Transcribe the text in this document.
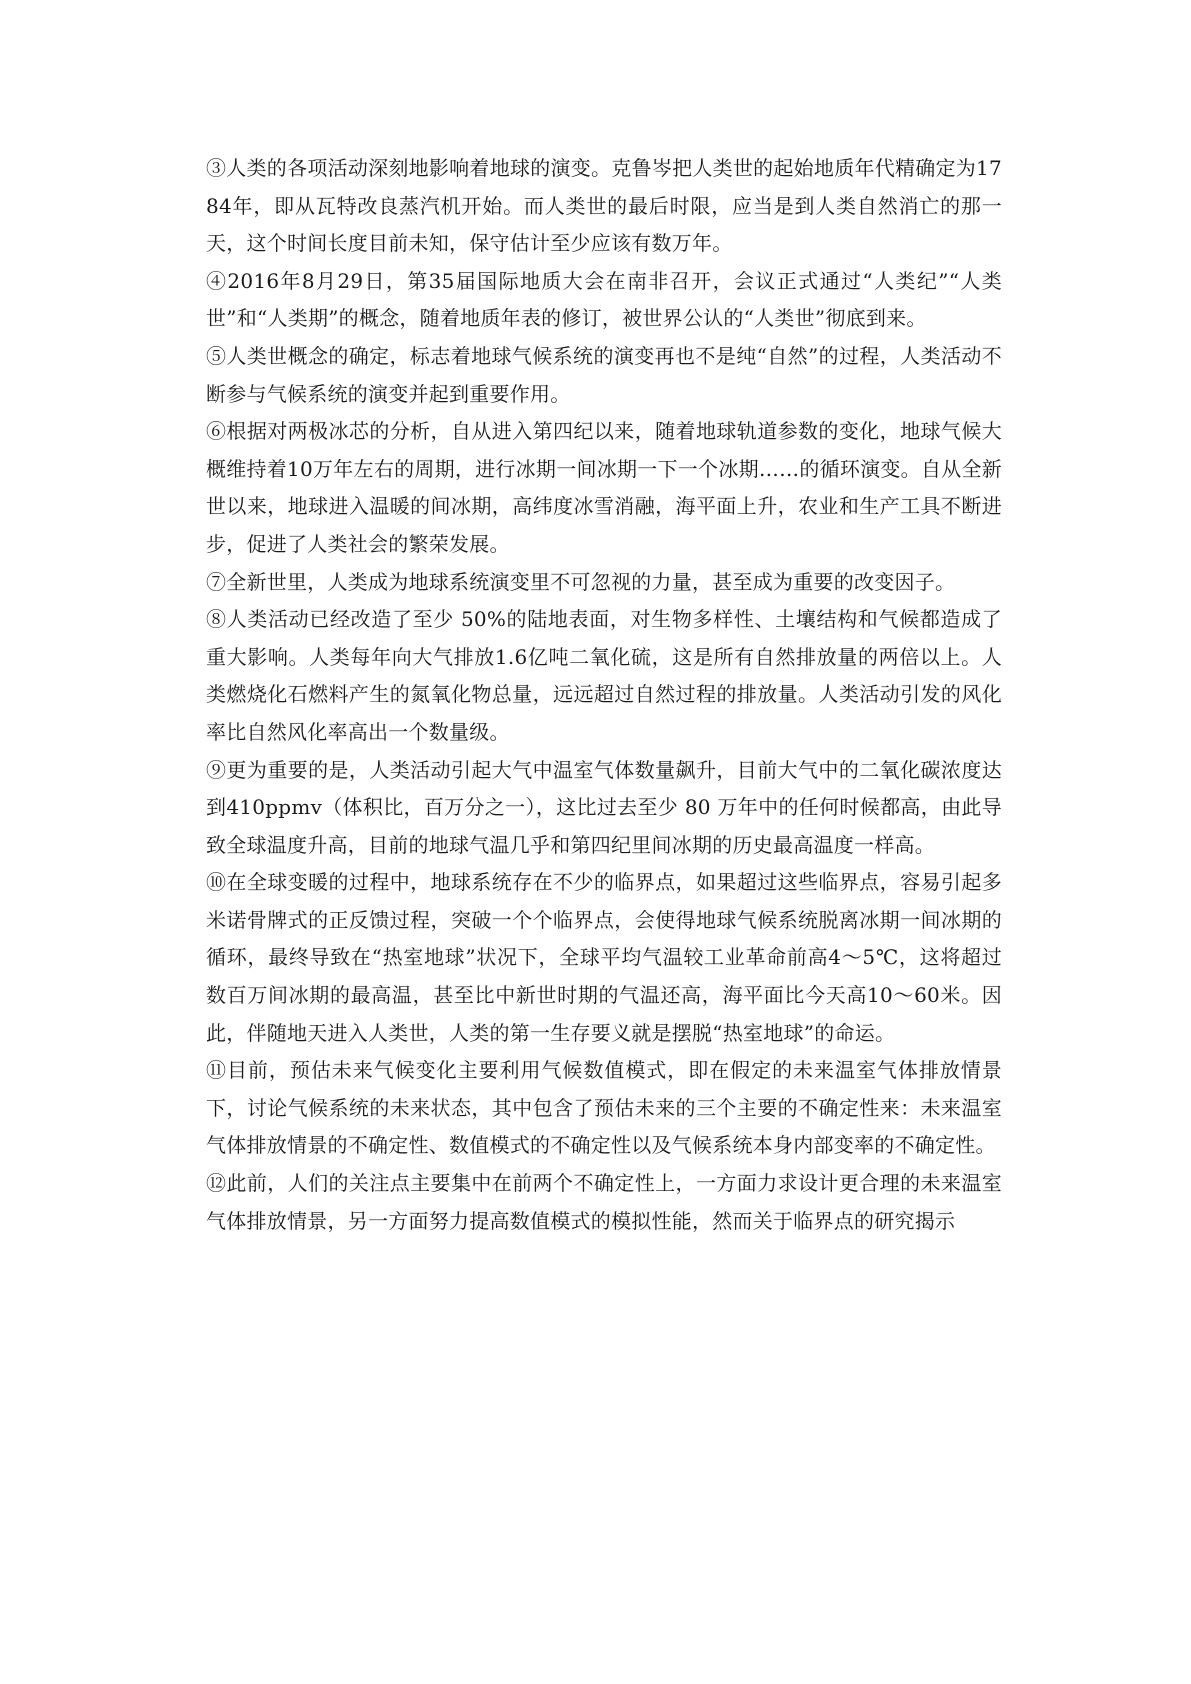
③人类的各项活动深刻地影响着地球的演变。克鲁岑把人类世的起始地质年代精确定为1784年，即从瓦特改良蒸汽机开始。而人类世的最后时限，应当是到人类自然消亡的那一天，这个时间长度目前未知，保守估计至少应该有数万年。

④2016年8月29日，第35届国际地质大会在南非召开，会议正式通过“人类纪”“人类世”和“人类期”的概念，随着地质年表的修订，被世界公认的“人类世”彻底到来。

⑤人类世概念的确定，标志着地球气候系统的演变再也不是纯“自然”的过程，人类活动不断参与气候系统的演变并起到重要作用。

⑥根据对两极冰芯的分析，自从进入第四纪以来，随着地球轨道参数的变化，地球气候大概维持着10万年左右的周期，进行冰期一间冰期一下一个冰期……的循环演变。自从全新世以来，地球进入温暖的间冰期，高纬度冰雪消融，海平面上升，农业和生产工具不断进步，促进了人类社会的繁荣发展。

⑦全新世里，人类成为地球系统演变里不可忽视的力量，甚至成为重要的改变因子。

⑧人类活动已经改造了至少 50%的陆地表面，对生物多样性、土壤结构和气候都造成了重大影响。人类每年向大气排放1.6亿吨二氧化硫，这是所有自然排放量的两倍以上。人类燃烧化石燃料产生的氮氧化物总量，远远超过自然过程的排放量。人类活动引发的风化率比自然风化率高出一个数量级。

⑨更为重要的是，人类活动引起大气中温室气体数量飙升，目前大气中的二氧化碳浓度达到410ppmv（体积比，百万分之一），这比过去至少 80 万年中的任何时候都高，由此导致全球温度升高，目前的地球气温几乎和第四纪里间冰期的历史最高温度一样高。

⑩在全球变暖的过程中，地球系统存在不少的临界点，如果超过这些临界点，容易引起多米诺骨牌式的正反馈过程，突破一个个临界点，会使得地球气候系统脱离冰期一间冰期的循环，最终导致在“热室地球”状况下，全球平均气温较工业革命前高4～5℃，这将超过数百万间冰期的最高温，甚至比中新世时期的气温还高，海平面比今天高10～60米。因此，伴随地天进入人类世，人类的第一生存要义就是摆脱“热室地球”的命运。

⑪目前，预估未来气候变化主要利用气候数值模式，即在假定的未来温室气体排放情景下，讨论气候系统的未来状态，其中包含了预估未来的三个主要的不确定性来：未来温室气体排放情景的不确定性、数值模式的不确定性以及气候系统本身内部变率的不确定性。

⑫此前，人们的关注点主要集中在前两个不确定性上，一方面力求设计更合理的未来温室气体排放情景，另一方面努力提高数值模式的模拟性能，然而关于临界点的研究揭示
